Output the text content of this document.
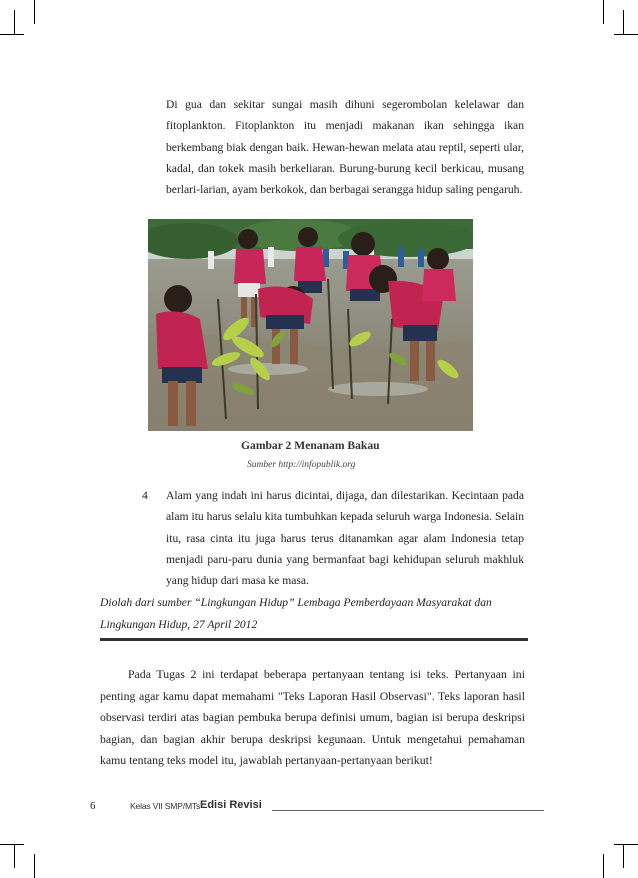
Di gua dan sekitar sungai masih dihuni segerombolan kelelawar dan fitoplankton. Fitoplankton itu menjadi makanan ikan sehingga ikan berkembang biak dengan baik. Hewan-hewan melata atau reptil, seperti ular, kadal, dan tokek masih berkeliaran. Burung-burung kecil berkicau, musang berlari-larian, ayam berkokok, dan berbagai serangga hidup saling pengaruh.

Gambar 2 Menanam Bakau

Sumber http://infopublik.org

4	Alam yang indah ini harus dicintai, dijaga, dan dilestarikan. Kecintaan pada alam itu harus selalu kita tumbuhkan kepada seluruh warga Indonesia. Selain itu, rasa cinta itu juga harus terus ditanamkan agar alam Indonesia tetap menjadi paru-paru dunia yang bermanfaat bagi kehidupan seluruh makhluk yang hidup dari masa ke masa.

Diolah dari sumber “Lingkungan Hidup” Lembaga Pemberdayaan Masyarakat dan Lingkungan Hidup, 27 April 2012

Pada Tugas 2 ini terdapat beberapa pertanyaan tentang isi teks. Pertanyaan ini penting agar kamu dapat memahami "Teks Laporan Hasil Observasi". Teks laporan hasil observasi terdiri atas bagian pembuka berupa definisi umum, bagian isi berupa deskripsi bagian, dan bagian akhir berupa deskripsi kegunaan. Untuk mengetahui pemahaman kamu tentang teks model itu, jawablah pertanyaan-pertanyaan berikut!

6	Kelas VII SMP/MTs Edisi Revisi
